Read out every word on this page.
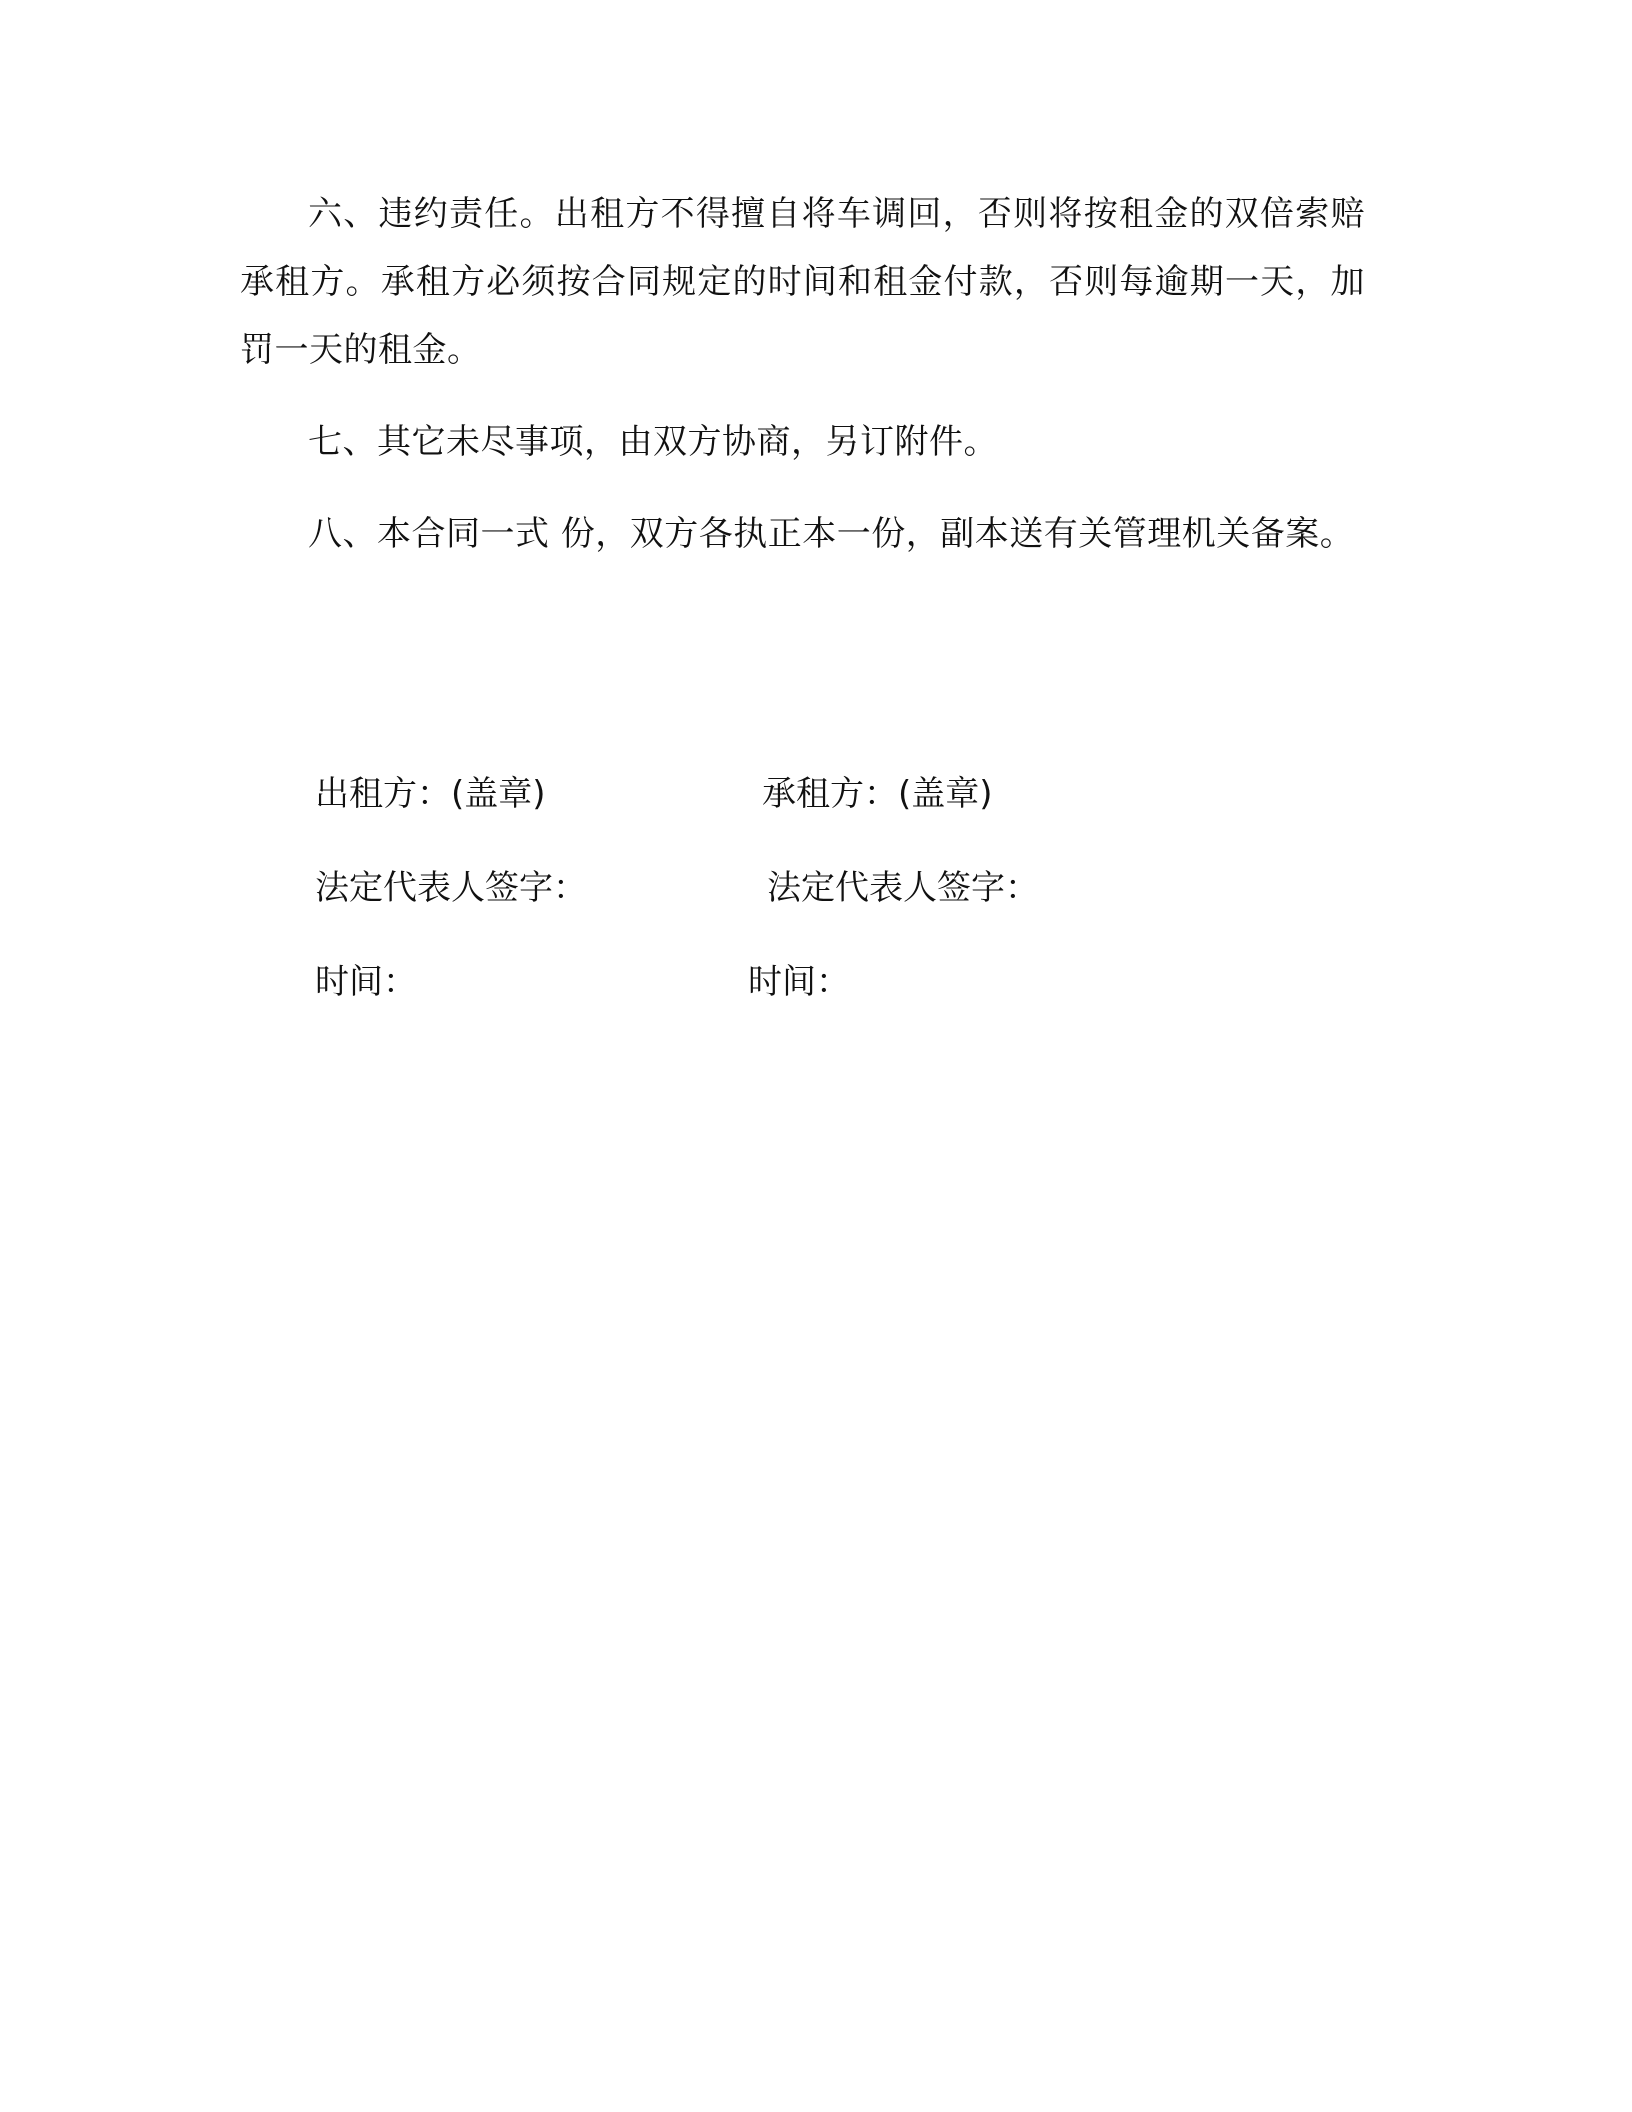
六、违约责任。出租方不得擅自将车调回，否则将按租金的双倍索赔承租方。承租方必须按合同规定的时间和租金付款，否则每逾期一天，加罚一天的租金。

七、其它未尽事项，由双方协商，另订附件。

八、本合同一式 份，双方各执正本一份，副本送有关管理机关备案。

出租方：(盖章)	承租方：(盖章)
法定代表人签字：	法定代表人签字：
时间：	时间：
